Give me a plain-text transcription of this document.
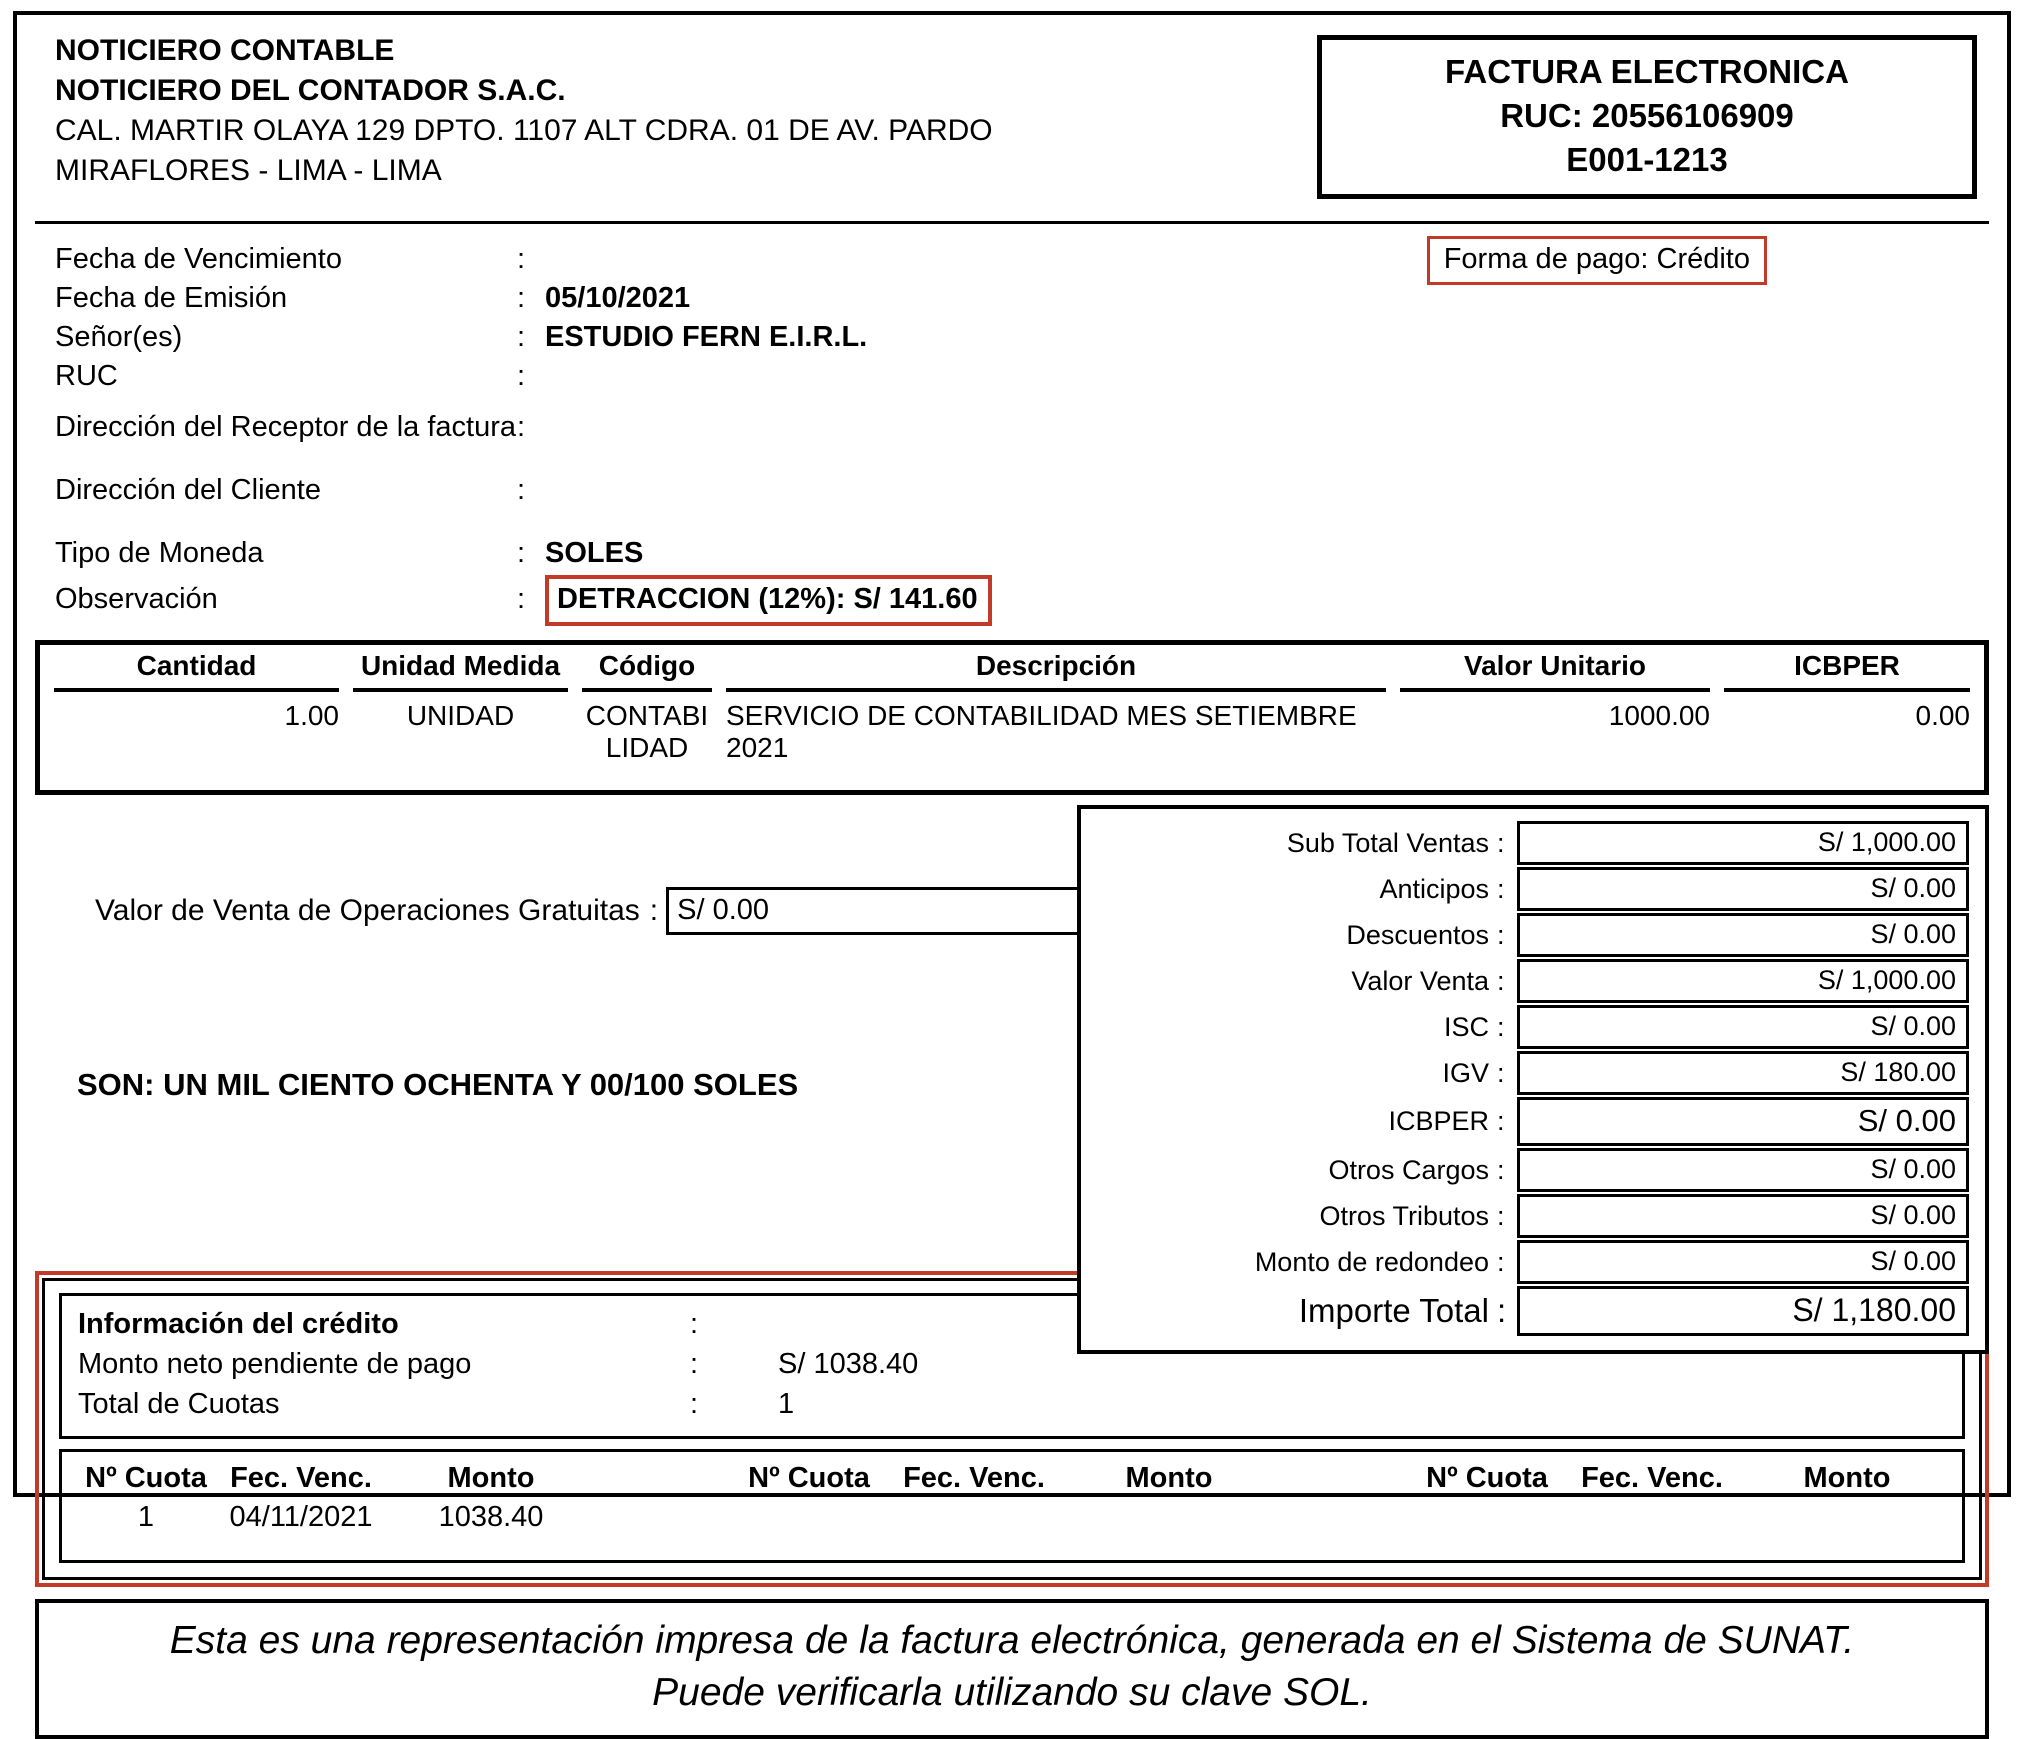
NOTICIERO CONTABLE
NOTICIERO DEL CONTADOR S.A.C.
CAL. MARTIR OLAYA 129 DPTO. 1107 ALT CDRA. 01 DE AV. PARDO
MIRAFLORES - LIMA - LIMA
FACTURA ELECTRONICA
RUC: 20556106909
E001-1213
Forma de pago: Crédito
Fecha de Vencimiento	:
Fecha de Emisión	: 05/10/2021
Señor(es)	: ESTUDIO FERN E.I.R.L.
RUC	:
Dirección del Receptor de la factura :
Dirección del Cliente	:
Tipo de Moneda	: SOLES
Observación	:	DETRACCION (12%): S/ 141.60
Cantidad	Unidad Medida	Código	Descripción	Valor Unitario	ICBPER
1.00	UNIDAD	CONTABILIDAD	SERVICIO DE CONTABILIDAD MES SETIEMBRE 2021	1000.00	0.00
Valor de Venta de Operaciones Gratuitas : S/ 0.00
SON: UN MIL CIENTO OCHENTA Y 00/100 SOLES
Sub Total Ventas :	S/ 1,000.00
Anticipos :	S/ 0.00
Descuentos :	S/ 0.00
Valor Venta :	S/ 1,000.00
ISC :	S/ 0.00
IGV :	S/ 180.00
ICBPER :	S/ 0.00
Otros Cargos :	S/ 0.00
Otros Tributos :	S/ 0.00
Monto de redondeo :	S/ 0.00
Importe Total :	S/ 1,180.00
Información del crédito	:
Monto neto pendiente de pago	:	S/ 1038.40
Total de Cuotas	:	1
Nº Cuota Fec. Venc.	Monto	Nº Cuota	Fec. Venc.	Monto	Nº Cuota	Fec. Venc.	Monto
1	04/11/2021	1038.40
Esta es una representación impresa de la factura electrónica, generada en el Sistema de SUNAT. Puede verificarla utilizando su clave SOL.
